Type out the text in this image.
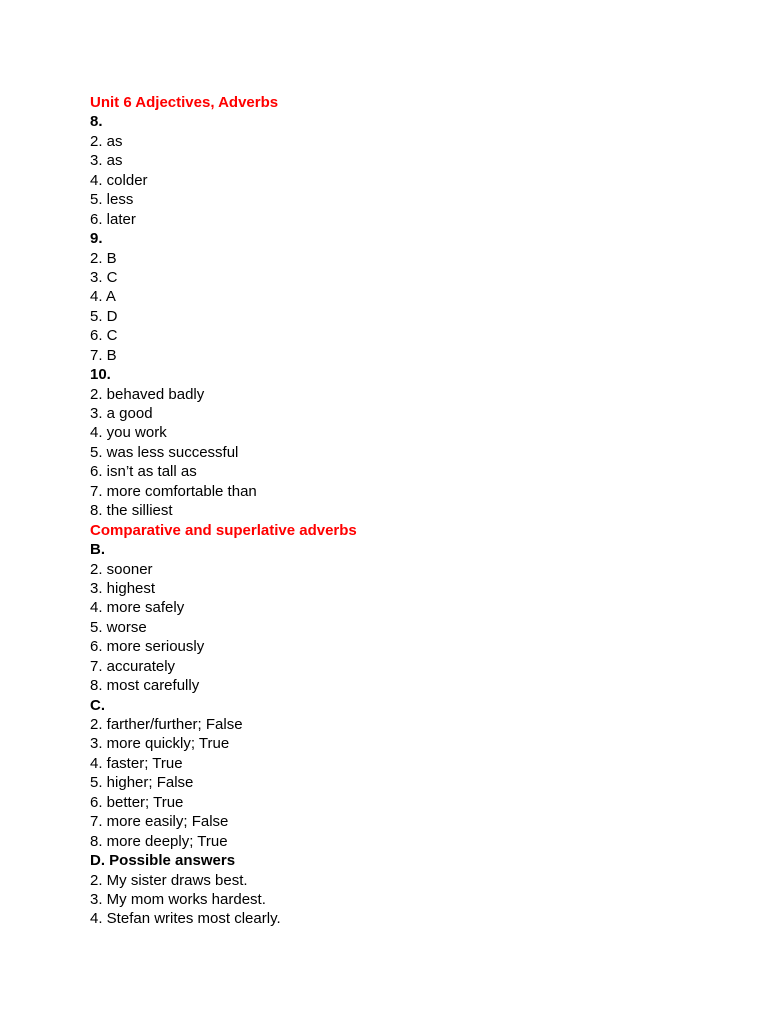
Unit 6 Adjectives, Adverbs
8.
2. as
3. as
4. colder
5. less
6. later
9.
2. B
3. C
4. A
5. D
6. C
7. B
10.
2. behaved badly
3. a good
4. you work
5. was less successful
6. isn’t as tall as
7. more comfortable than
8. the silliest
Comparative and superlative adverbs
B.
2. sooner
3. highest
4. more safely
5. worse
6. more seriously
7. accurately
8. most carefully
C.
2. farther/further; False
3. more quickly; True
4. faster; True
5. higher; False
6. better; True
7. more easily; False
8. more deeply; True
D. Possible answers
2. My sister draws best.
3. My mom works hardest.
4. Stefan writes most clearly.
